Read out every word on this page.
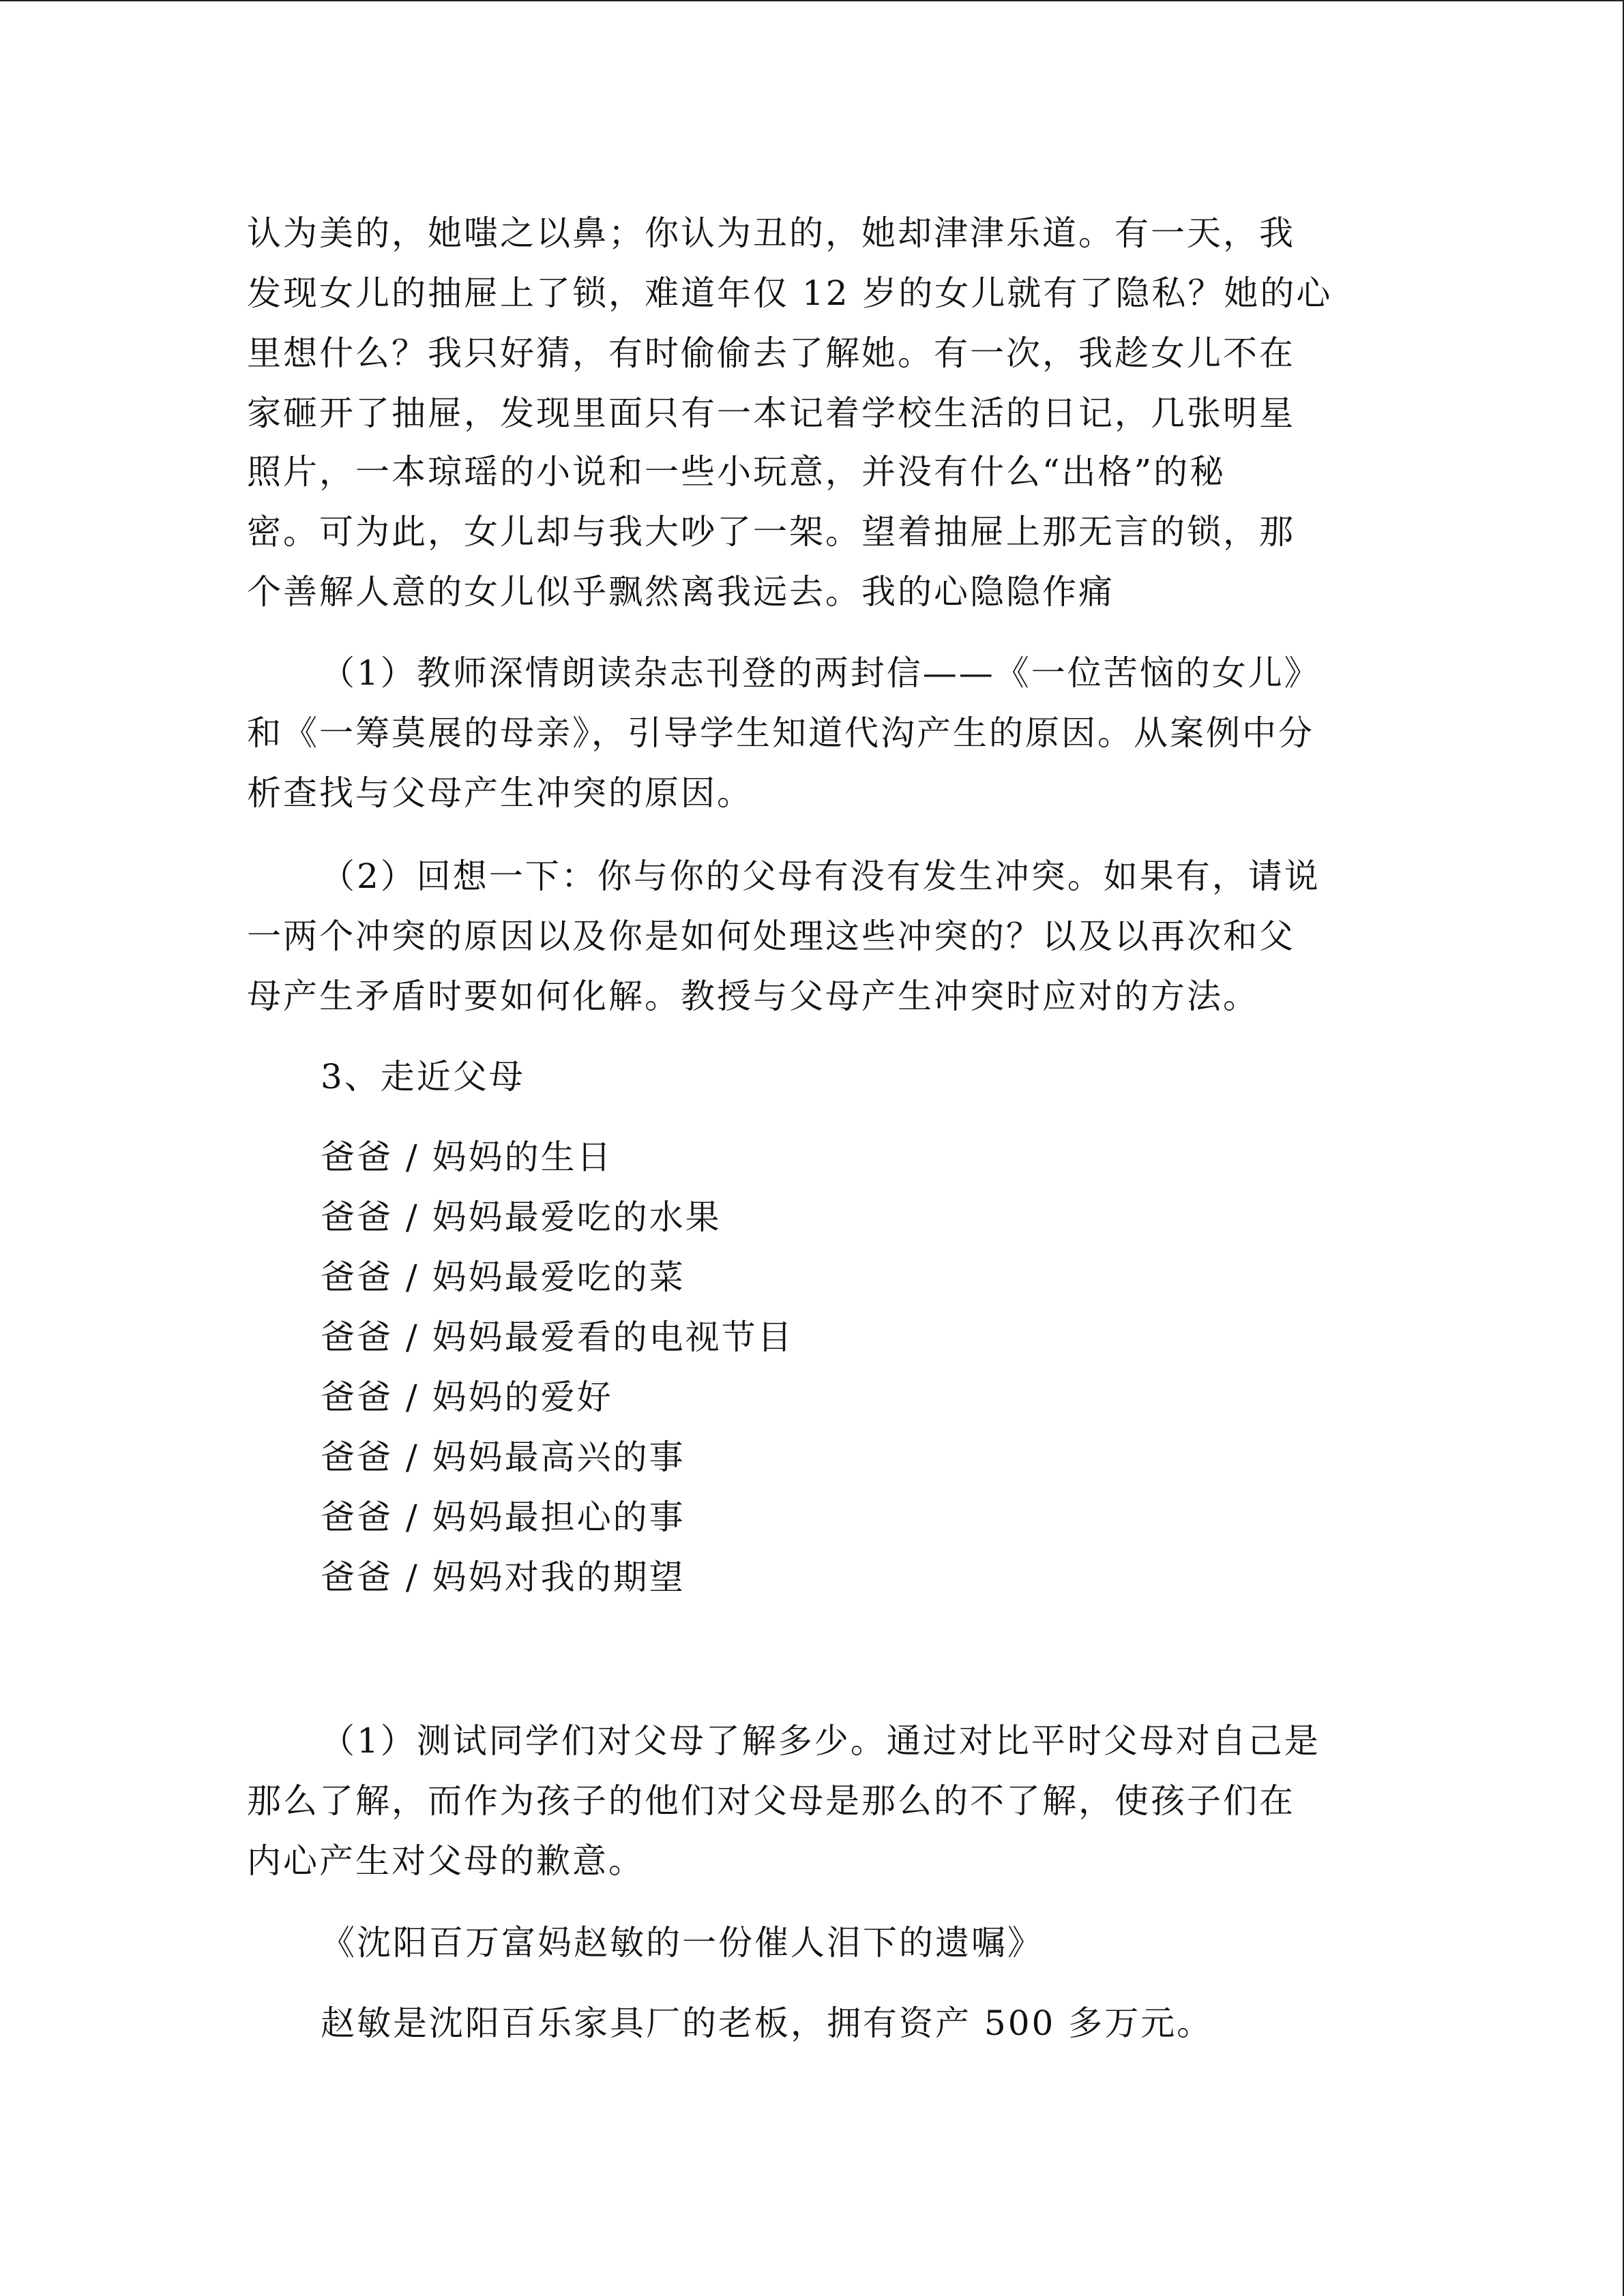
认为美的，她嗤之以鼻；你认为丑的，她却津津乐道。有一天，我
发现女儿的抽屉上了锁，难道年仅 12 岁的女儿就有了隐私？她的心
里想什么？我只好猜，有时偷偷去了解她。有一次，我趁女儿不在
家砸开了抽屉，发现里面只有一本记着学校生活的日记，几张明星
照片，一本琼瑶的小说和一些小玩意，并没有什么“出格”的秘
密。可为此，女儿却与我大吵了一架。望着抽屉上那无言的锁，那
个善解人意的女儿似乎飘然离我远去。我的心隐隐作痛
（1）教师深情朗读杂志刊登的两封信——《一位苦恼的女儿》
和《一筹莫展的母亲》，引导学生知道代沟产生的原因。从案例中分
析查找与父母产生冲突的原因。
（2）回想一下：你与你的父母有没有发生冲突。如果有，请说
一两个冲突的原因以及你是如何处理这些冲突的？以及以再次和父
母产生矛盾时要如何化解。教授与父母产生冲突时应对的方法。
3、走近父母
爸爸 / 妈妈的生日
爸爸 / 妈妈最爱吃的水果
爸爸 / 妈妈最爱吃的菜
爸爸 / 妈妈最爱看的电视节目
爸爸 / 妈妈的爱好
爸爸 / 妈妈最高兴的事
爸爸 / 妈妈最担心的事
爸爸 / 妈妈对我的期望
（1）测试同学们对父母了解多少。通过对比平时父母对自己是
那么了解，而作为孩子的他们对父母是那么的不了解，使孩子们在
内心产生对父母的歉意。
《沈阳百万富妈赵敏的一份催人泪下的遗嘱》
赵敏是沈阳百乐家具厂的老板，拥有资产 500 多万元。
